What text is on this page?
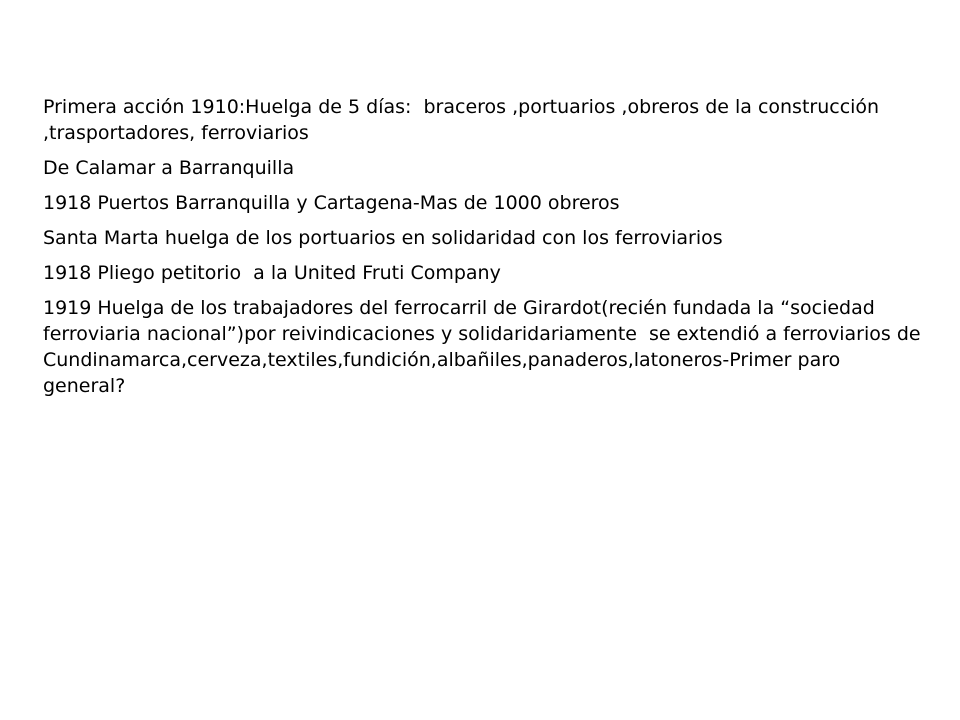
Primera acción 1910:Huelga de 5 días:  braceros ,portuarios ,obreros de la construcción ,trasportadores, ferroviarios

De Calamar a Barranquilla

1918 Puertos Barranquilla y Cartagena-Mas de 1000 obreros

Santa Marta huelga de los portuarios en solidaridad con los ferroviarios

1918 Pliego petitorio  a la United Fruti Company

1919 Huelga de los trabajadores del ferrocarril de Girardot(recién fundada la “sociedad  ferroviaria nacional”)por reivindicaciones y solidaridariamente  se extendió a ferroviarios de Cundinamarca,cerveza,textiles,fundición,albañiles,panaderos,latoneros-Primer paro general?
